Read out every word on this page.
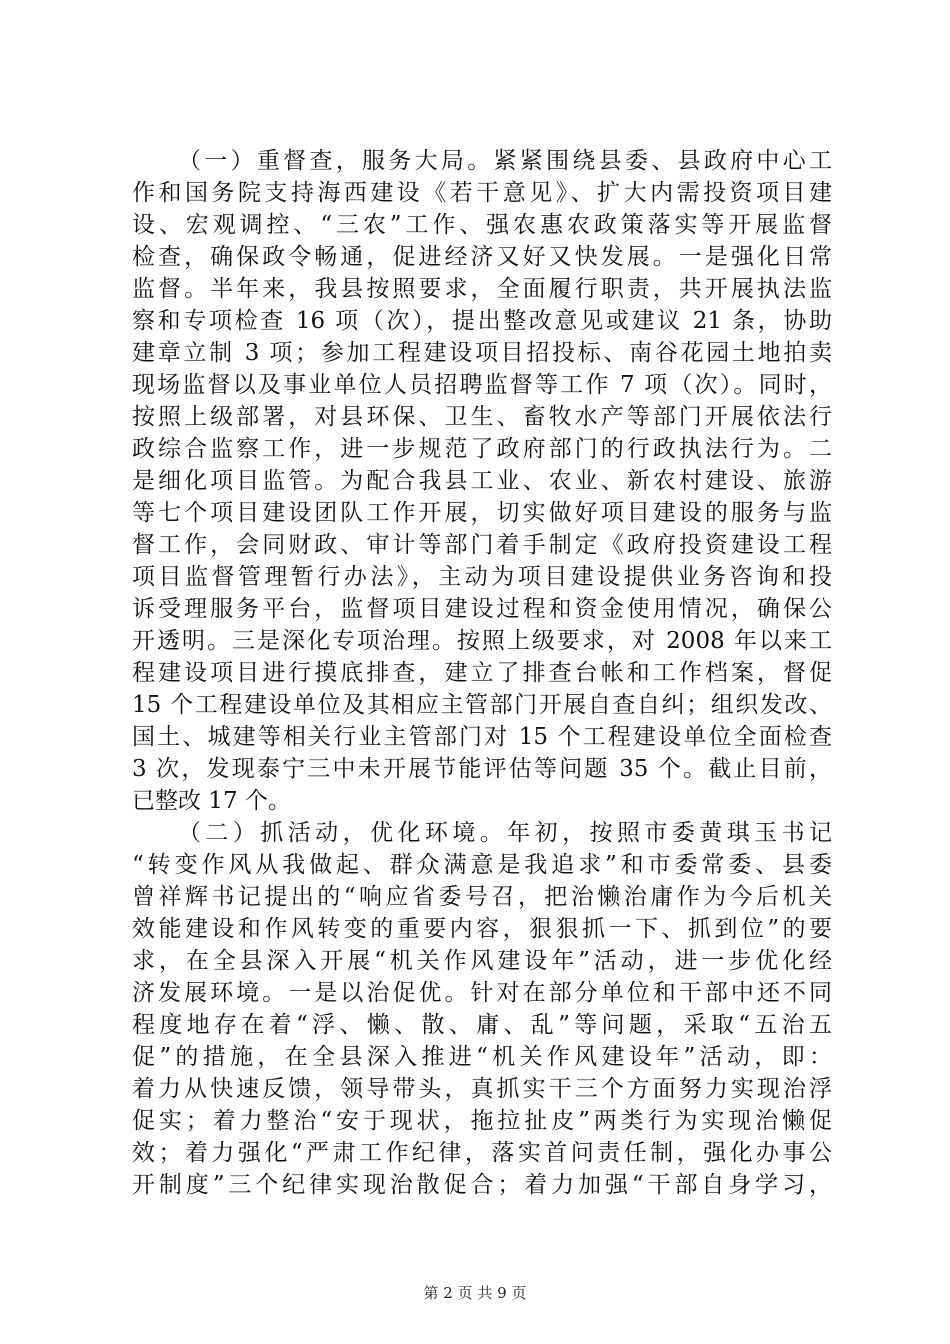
（一）重督查，服务大局。紧紧围绕县委、县政府中心工
作和国务院支持海西建设《若干意见》、扩大内需投资项目建
设、宏观调控、“三农”工作、强农惠农政策落实等开展监督
检查，确保政令畅通，促进经济又好又快发展。一是强化日常
监督。半年来，我县按照要求，全面履行职责，共开展执法监
察和专项检查 16 项（次），提出整改意见或建议 21 条，协助
建章立制 3 项；参加工程建设项目招投标、南谷花园土地拍卖
现场监督以及事业单位人员招聘监督等工作 7 项（次）。同时，
按照上级部署，对县环保、卫生、畜牧水产等部门开展依法行
政综合监察工作，进一步规范了政府部门的行政执法行为。二
是细化项目监管。为配合我县工业、农业、新农村建设、旅游
等七个项目建设团队工作开展，切实做好项目建设的服务与监
督工作，会同财政、审计等部门着手制定《政府投资建设工程
项目监督管理暂行办法》，主动为项目建设提供业务咨询和投
诉受理服务平台，监督项目建设过程和资金使用情况，确保公
开透明。三是深化专项治理。按照上级要求，对 2008 年以来工
程建设项目进行摸底排查，建立了排查台帐和工作档案，督促
15 个工程建设单位及其相应主管部门开展自查自纠；组织发改、
国土、城建等相关行业主管部门对 15 个工程建设单位全面检查
3 次，发现泰宁三中未开展节能评估等问题 35 个。截止目前，
已整改 17 个。
（二）抓活动，优化环境。年初，按照市委黄琪玉书记
“转变作风从我做起、群众满意是我追求”和市委常委、县委
曾祥辉书记提出的“响应省委号召，把治懒治庸作为今后机关
效能建设和作风转变的重要内容，狠狠抓一下、抓到位”的要
求，在全县深入开展“机关作风建设年”活动，进一步优化经
济发展环境。一是以治促优。针对在部分单位和干部中还不同
程度地存在着“浮、懒、散、庸、乱”等问题，采取“五治五
促”的措施，在全县深入推进“机关作风建设年”活动，即：
着力从快速反馈，领导带头，真抓实干三个方面努力实现治浮
促实；着力整治“安于现状，拖拉扯皮”两类行为实现治懒促
效；着力强化“严肃工作纪律，落实首问责任制，强化办事公
开制度”三个纪律实现治散促合；着力加强“干部自身学习，
第 2 页 共 9 页
